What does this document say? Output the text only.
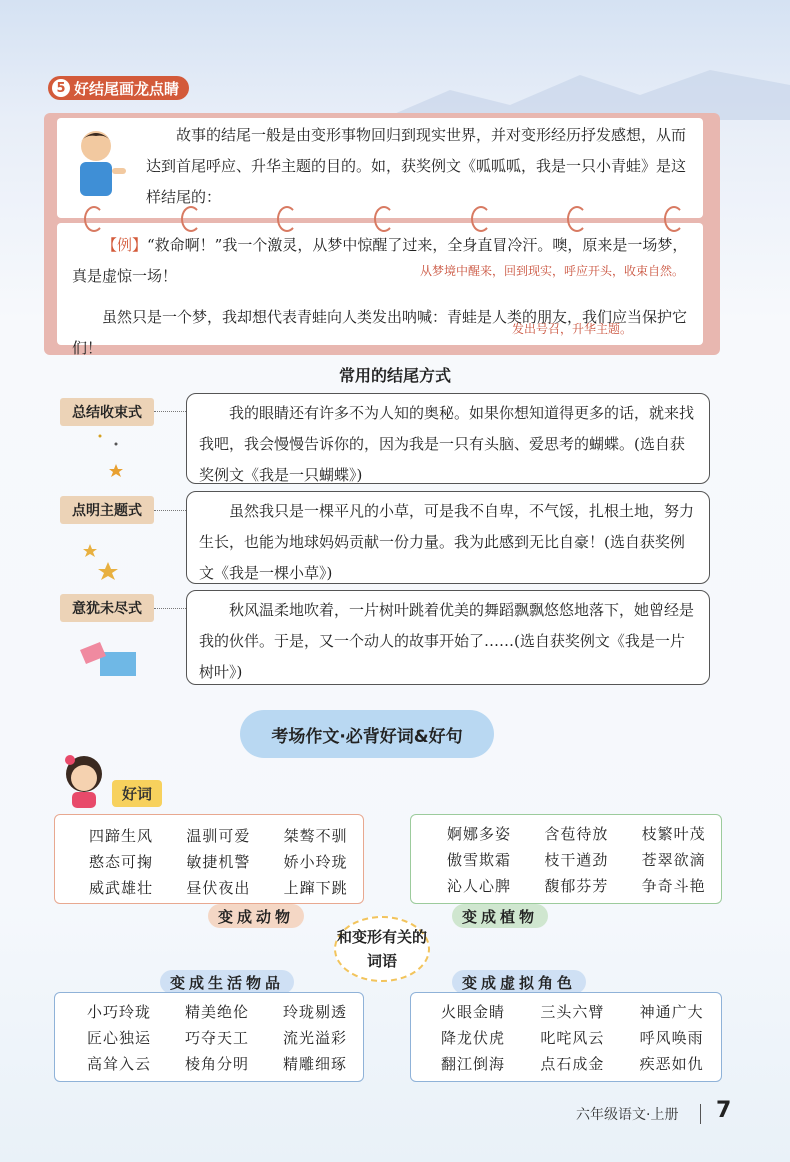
5 好结尾画龙点睛
故事的结尾一般是由变形事物回归到现实世界，并对变形经历抒发感想，从而达到首尾呼应、升华主题的目的。如，获奖例文《呱呱呱，我是一只小青蛙》是这样结尾的：
【例】“救命啊！”我一个激灵，从梦中惊醒了过来，全身直冒冷汗。噢，原来是一场梦，真是虚惊一场！
虽然只是一个梦，我却想代表青蛙向人类发出呐喊：青蛙是人类的朋友，我们应当保护它们！
从梦境中醒来，回到现实，呼应开头，收束自然。
发出号召，升华主题。
常用的结尾方式
总结收束式	我的眼睛还有许多不为人知的奥秘。如果你想知道得更多的话，就来找我吧，我会慢慢告诉你的，因为我是一只有头脑、爱思考的蝴蝶。(选自获奖例文《我是一只蝴蝶》)
点明主题式	虽然我只是一棵平凡的小草，可是我不自卑，不气馁，扎根土地，努力生长，也能为地球妈妈贡献一份力量。我为此感到无比自豪！(选自获奖例文《我是一棵小草》)
意犹未尽式	秋风温柔地吹着，一片树叶跳着优美的舞蹈飘飘悠悠地落下，她曾经是我的伙伴。于是，又一个动人的故事开始了……(选自获奖例文《我是一片树叶》)
考场作文·必背好词&好句
好词
四蹄生风	温驯可爱	桀骜不驯
憨态可掬	敏捷机警	娇小玲珑
威武雄壮	昼伏夜出	上蹿下跳
变成动物
婀娜多姿	含苞待放	枝繁叶茂
傲雪欺霜	枝干遒劲	苍翠欲滴
沁人心脾	馥郁芬芳	争奇斗艳
变成植物
和变形有关的词语
变成生活物品
小巧玲珑	精美绝伦	玲珑剔透
匠心独运	巧夺天工	流光溢彩
高耸入云	棱角分明	精雕细琢
变成虚拟角色
火眼金睛	三头六臂	神通广大
降龙伏虎	叱咤风云	呼风唤雨
翻江倒海	点石成金	疾恶如仇
六年级语文·上册 7
